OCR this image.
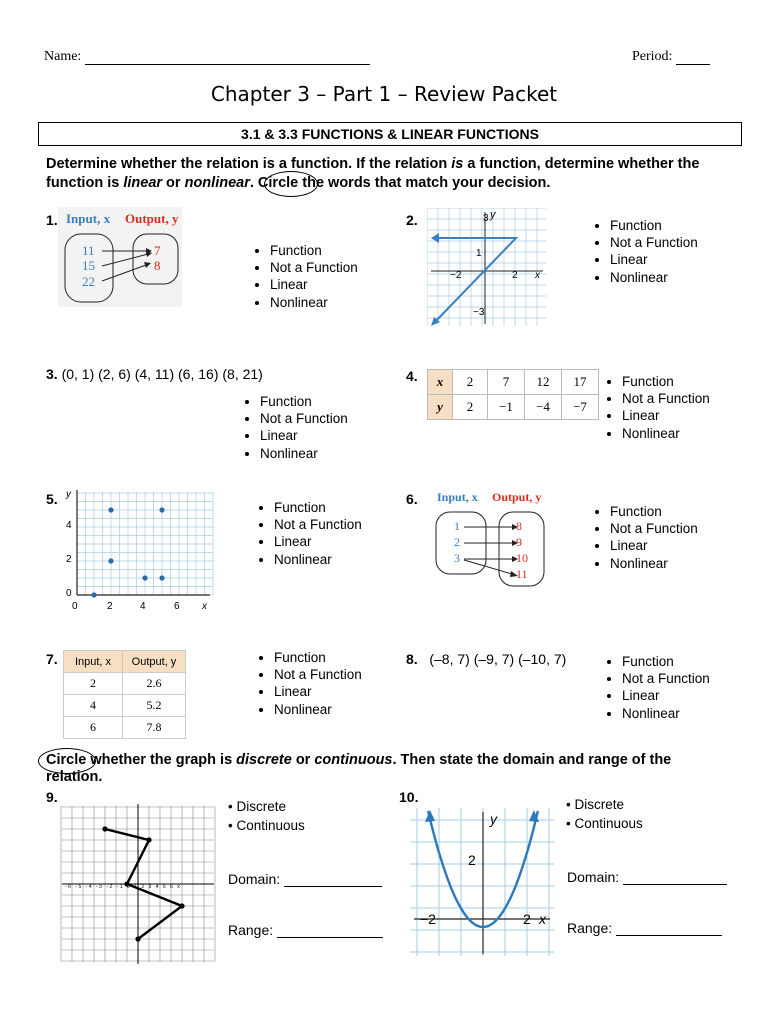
Name:	Period:
Chapter 3 – Part 1 – Review Packet
3.1 & 3.3 FUNCTIONS & LINEAR FUNCTIONS
Determine whether the relation is a function. If the relation is a function, determine whether the
function is linear or nonlinear. Circle the words that match your decision.
1. Input, x Output, y
11
15
22
7
8
• Function
• Not a Function
• Linear
• Nonlinear
2.	3 y
1
−2	2 x
−3
• Function
• Not a Function
• Linear
• Nonlinear
3. (0, 1) (2, 6) (4, 11) (6, 16) (8, 21)
• Function
• Not a Function
• Linear
• Nonlinear
4. x	2	7	12	17
y	2	−1	−4	−7
• Function
• Not a Function
• Linear
• Nonlinear
5. y
4
2
0
0	2	4	6 x
• Function
• Not a Function
• Linear
• Nonlinear
6. Input, x Output, y
1
2
3
8
9
10
11
• Function
• Not a Function
• Linear
• Nonlinear
7. Input, x	Output, y
2	2.6
4	5.2
6	7.8
• Function
• Not a Function
• Linear
• Nonlinear
8. (–8, 7) (–9, 7) (–10, 7)	• Function
• Not a Function
• Linear
• Nonlinear
Circle whether the graph is discrete or continuous. Then state the domain and range of the
relation.
9.
-6 -5 -4 -3 -2 -1 0 1 2 3 4 5 6 x
• Discrete
• Continuous
Domain:
Range:
10.
y
2
−2	2 x
• Discrete
• Continuous
Domain:
Range:
